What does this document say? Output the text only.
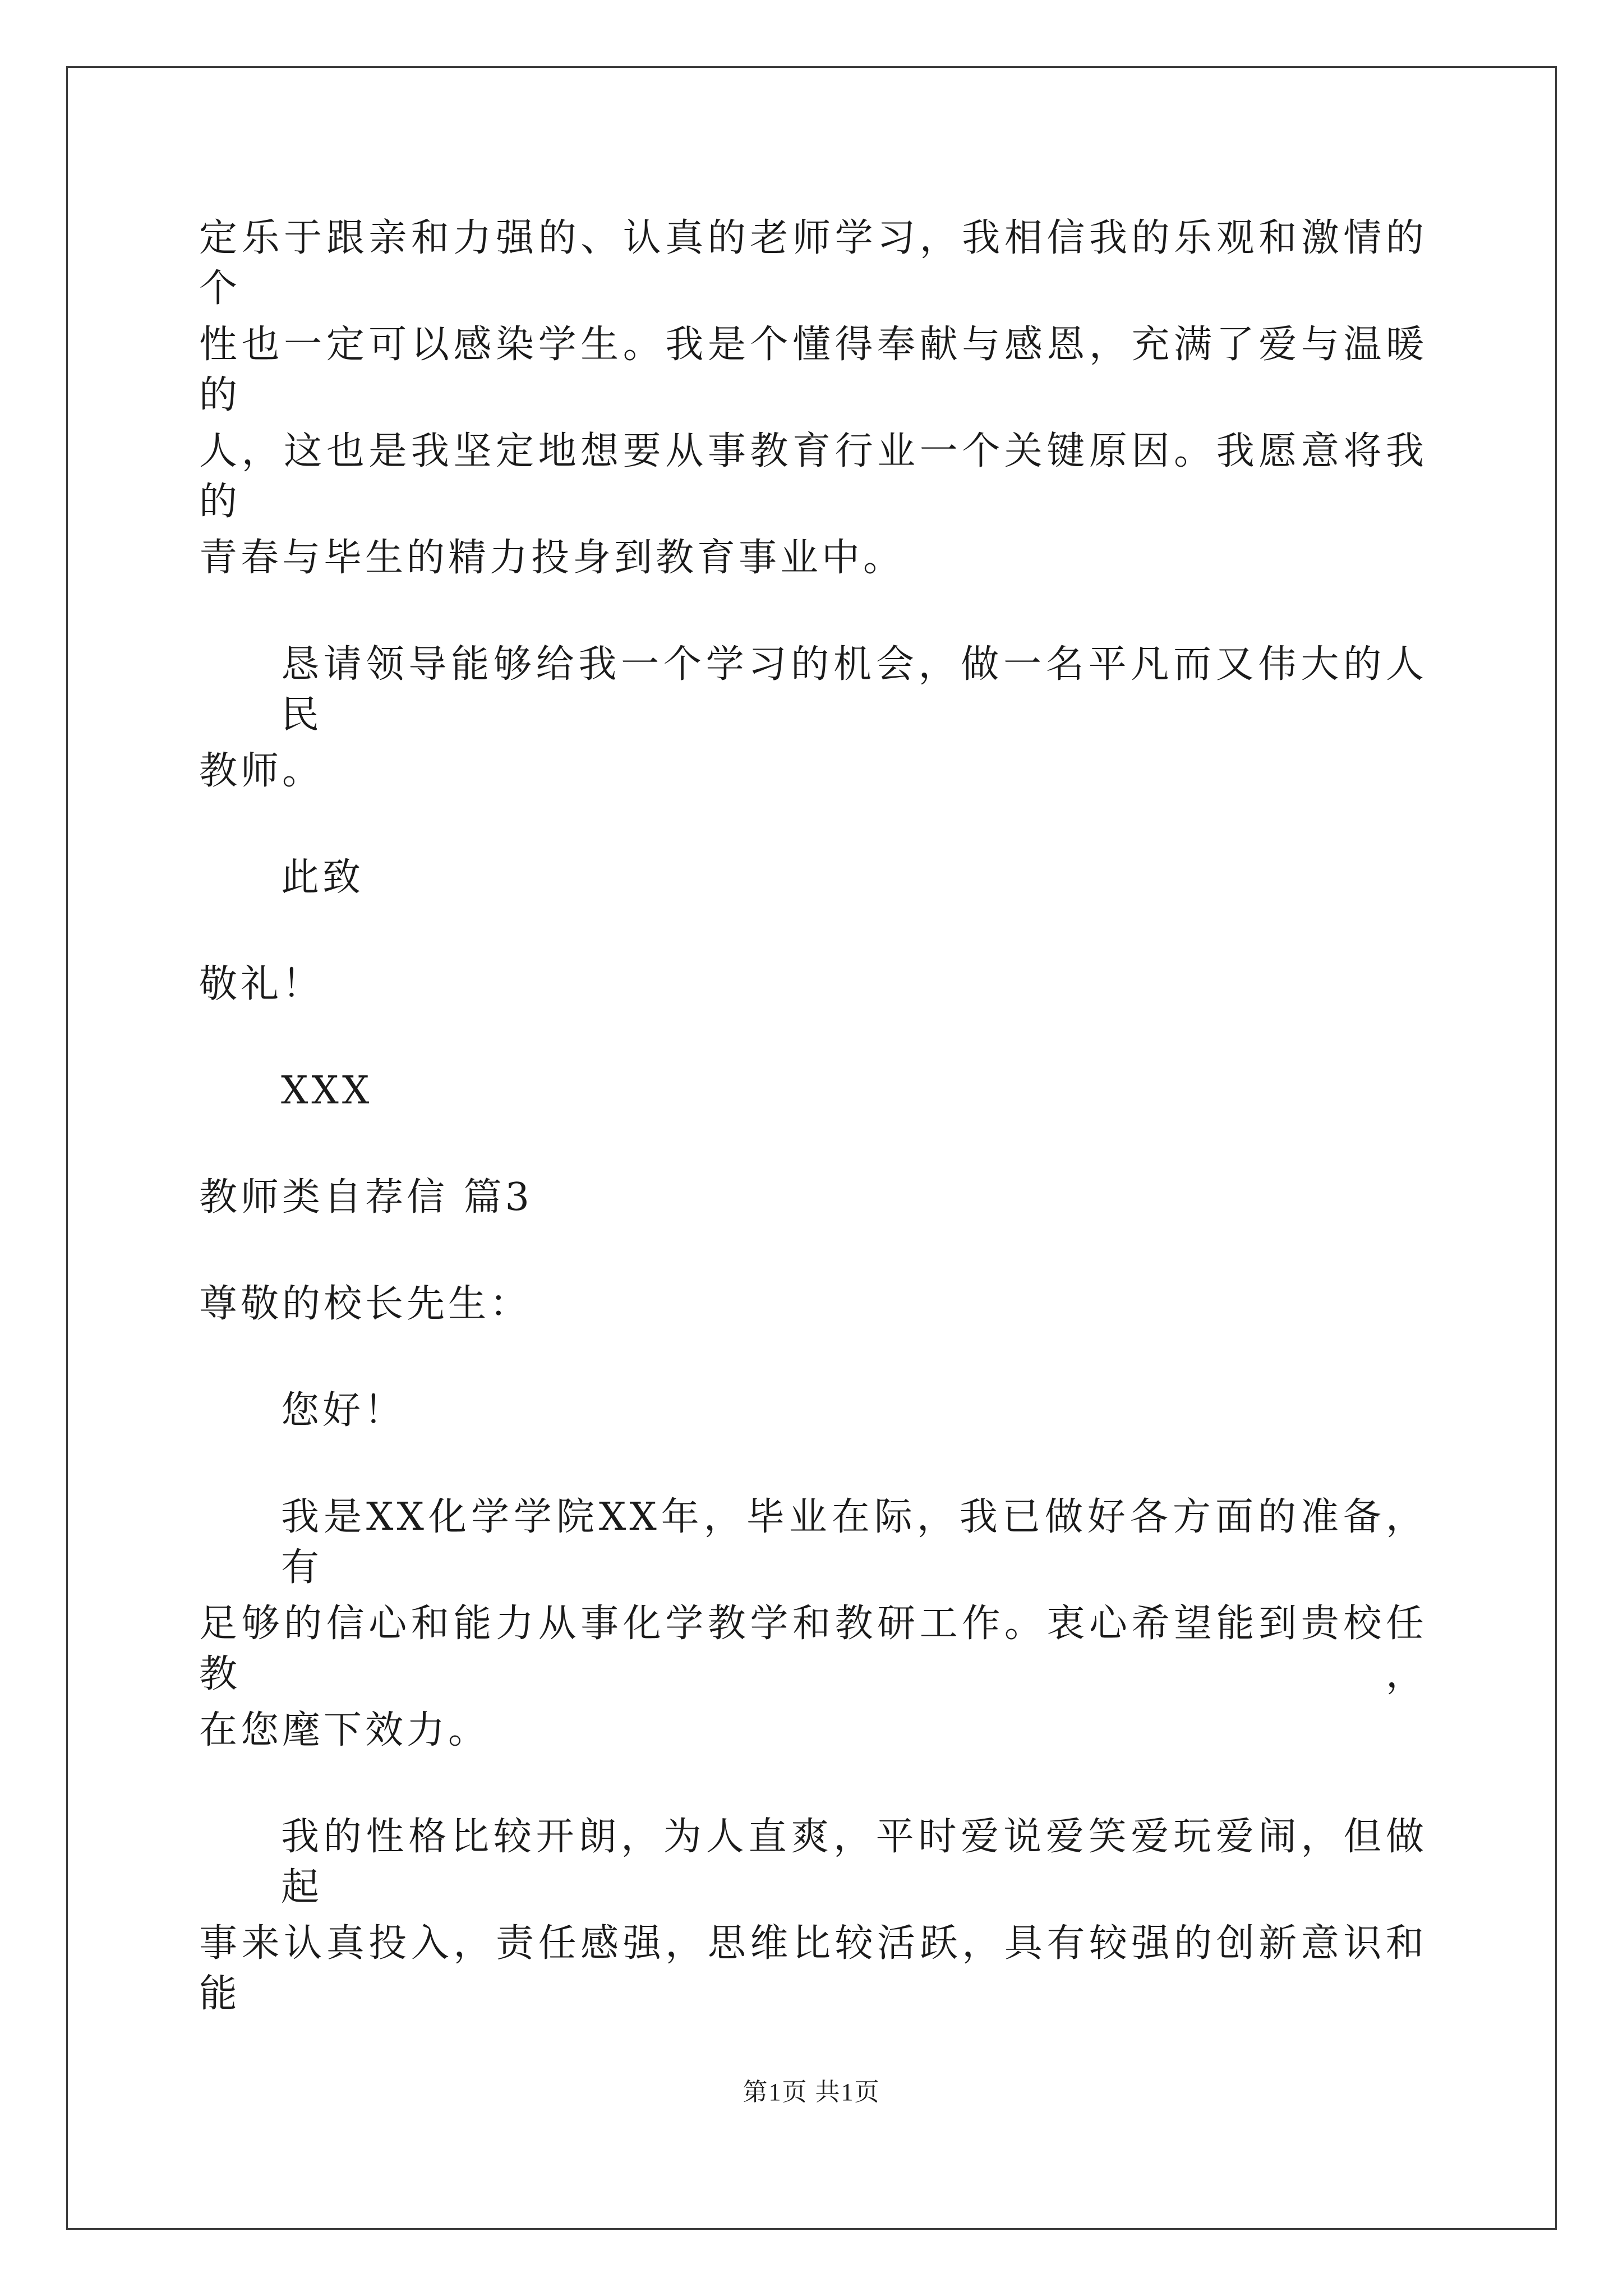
定乐于跟亲和力强的、认真的老师学习，我相信我的乐观和激情的个
性也一定可以感染学生。我是个懂得奉献与感恩，充满了爱与温暖的
人，这也是我坚定地想要从事教育行业一个关键原因。我愿意将我的
青春与毕生的精力投身到教育事业中。
恳请领导能够给我一个学习的机会，做一名平凡而又伟大的人民
教师。
此致
敬礼！
XXX
教师类自荐信 篇3
尊敬的校长先生：
您好！
我是XX化学学院XX年，毕业在际，我已做好各方面的准备，有
足够的信心和能力从事化学教学和教研工作。衷心希望能到贵校任教，
在您麾下效力。
我的性格比较开朗，为人直爽，平时爱说爱笑爱玩爱闹，但做起
事来认真投入，责任感强，思维比较活跃，具有较强的创新意识和能
第1页 共1页
